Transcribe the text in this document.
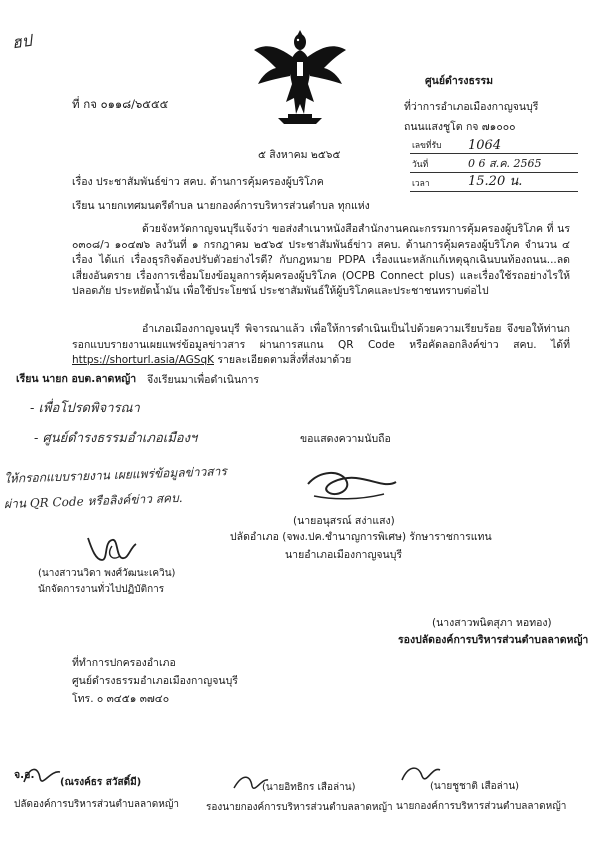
ฮป
ศูนย์ดำรงธรรม
ที่ กจ ๐๑๑๘/๖๕๕๕	ที่ว่าการอำเภอเมืองกาญจนบุรี
ถนนแสงชูโต กจ ๗๑๐๐๐
เลขที่รับ 1064
วันที่	0 6 ส.ค. 2565
เวลา	15.20 น.
๕ สิงหาคม ๒๕๖๕
เรื่อง ประชาสัมพันธ์ข่าว สคบ. ด้านการคุ้มครองผู้บริโภค
เรียน นายกเทศมนตรีตำบล นายกองค์การบริหารส่วนตำบล ทุกแห่ง
ด้วยจังหวัดกาญจนบุรีแจ้งว่า ขอส่งสำเนาหนังสือสำนักงานคณะกรรมการคุ้มครองผู้บริโภค ที่ นร ๐๓๐๘/ว ๑๐๔๗๖ ลงวันที่ ๑ กรกฎาคม ๒๕๖๕ ประชาสัมพันธ์ข่าว สคบ. ด้านการคุ้มครองผู้บริโภค จำนวน ๔ เรื่อง ได้แก่ เรื่องธุรกิจต้องปรับตัวอย่างไรดี? กับกฎหมาย PDPA เรื่องแนะหลักแก้เหตุฉุกเฉินบนท้องถนน...ลดเสี่ยงอันตราย เรื่องการเชื่อมโยงข้อมูลการคุ้มครองผู้บริโภค (OCPB Connect plus) และเรื่องใช้รถอย่างไรให้ปลอดภัย ประหยัดน้ำมัน เพื่อใช้ประโยชน์ ประชาสัมพันธ์ให้ผู้บริโภคและประชาชนทราบต่อไป
อำเภอเมืองกาญจนบุรี พิจารณาแล้ว เพื่อให้การดำเนินเป็นไปด้วยความเรียบร้อย จึงขอให้ท่านกรอกแบบรายงานเผยแพร่ข้อมูลข่าวสาร ผ่านการสแกน QR Code หรือคัดลอกลิงค์ข่าว สคบ. ได้ที่ https://shorturl.asia/AGSqK รายละเอียดตามสิ่งที่ส่งมาด้วย
จึงเรียนมาเพื่อดำเนินการ
เรียน นายก อบต.ลาดหญ้า
- เพื่อโปรดพิจารณา
- ศูนย์ดำรงธรรมอำเภอเมืองฯ
ให้กรอกแบบรายงาน เผยแพร่ข้อมูลข่าวสาร
ผ่าน QR Code หรือลิงค์ข่าว สคบ.
(นางสาวนวิดา พงศ์วัฒนะเควิน)
นักจัดการงานทั่วไปปฏิบัติการ
ขอแสดงความนับถือ
(นายอนุสรณ์ สง่าแสง)
ปลัดอำเภอ (จพง.ปค.ชำนาญการพิเศษ) รักษาราชการแทน
นายอำเภอเมืองกาญจนบุรี
(นางสาวพนิตสุภา หอทอง)
รองปลัดองค์การบริหารส่วนตำบลลาดหญ้า
ที่ทำการปกครองอำเภอ
ศูนย์ดำรงธรรมอำเภอเมืองกาญจนบุรี
โทร. ๐ ๓๔๕๑ ๓๗๔๐
จ.อ.
(ณรงค์ธร สวัสดิ์มี)
ปลัดองค์การบริหารส่วนตำบลลาดหญ้า
(นายอิทธิกร เสือล่าน)
รองนายกองค์การบริหารส่วนตำบลลาดหญ้า
(นายชูชาติ เสือล่าน)
นายกองค์การบริหารส่วนตำบลลาดหญ้า
